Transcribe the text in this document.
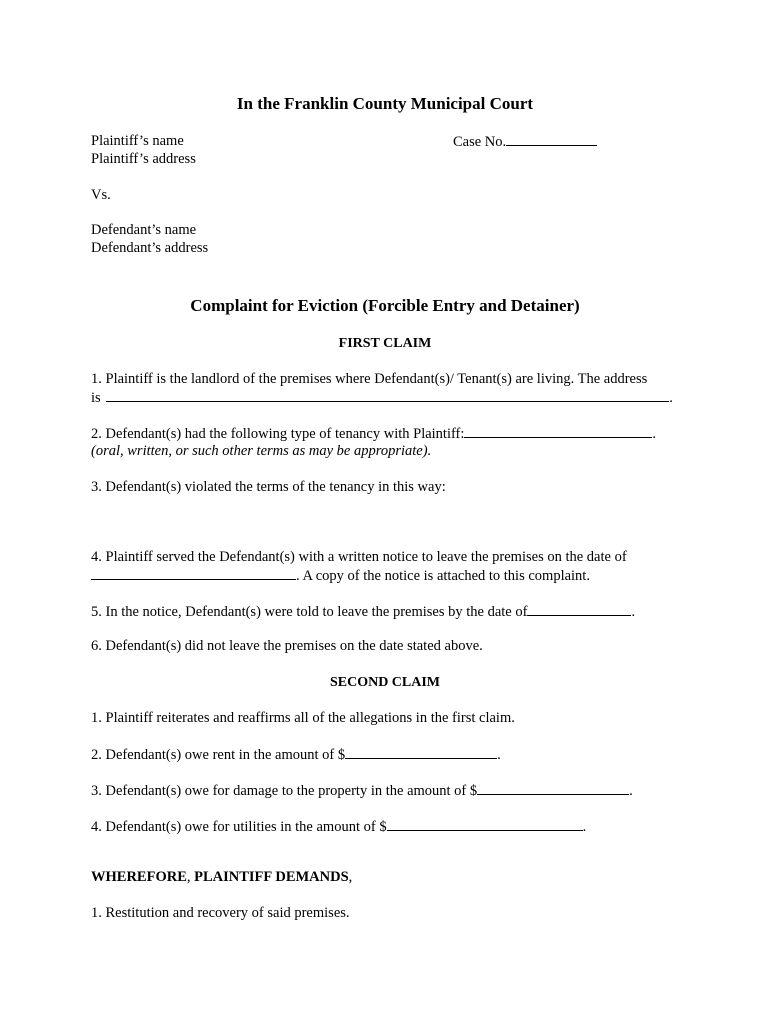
In the Franklin County Municipal Court
Plaintiff’s name	Case No.
Plaintiff’s address
Vs.
Defendant’s name
Defendant’s address
Complaint for Eviction (Forcible Entry and Detainer)
FIRST CLAIM
1. Plaintiff is the landlord of the premises where Defendant(s)/ Tenant(s) are living. The address
is	.
2. Defendant(s) had the following type of tenancy with Plaintiff:	.
(oral, written, or such other terms as may be appropriate).
3. Defendant(s) violated the terms of the tenancy in this way:
4. Plaintiff served the Defendant(s) with a written notice to leave the premises on the date of
. A copy of the notice is attached to this complaint.
5. In the notice, Defendant(s) were told to leave the premises by the date of	.
6. Defendant(s) did not leave the premises on the date stated above.
SECOND CLAIM
1. Plaintiff reiterates and reaffirms all of the allegations in the first claim.
2. Defendant(s) owe rent in the amount of $	.
3. Defendant(s) owe for damage to the property in the amount of $	.
4. Defendant(s) owe for utilities in the amount of $	.
WHEREFORE, PLAINTIFF DEMANDS,
1. Restitution and recovery of said premises.
